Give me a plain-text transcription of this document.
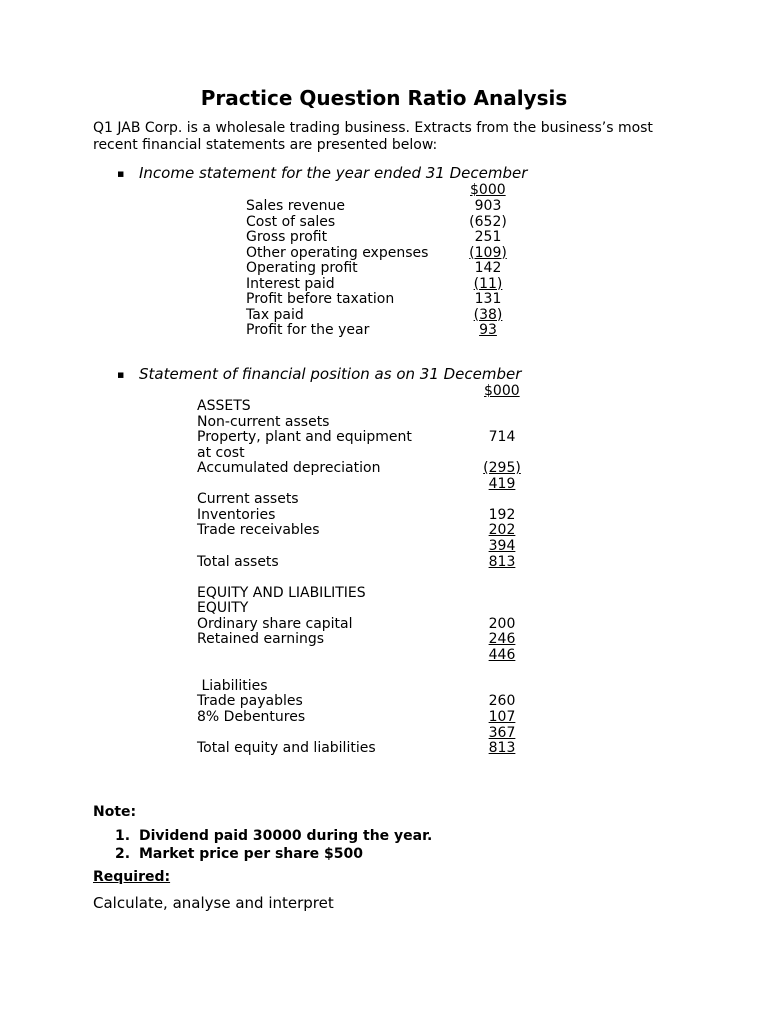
Practice Question Ratio Analysis
Q1 JAB Corp. is a wholesale trading business. Extracts from the business’s most recent financial statements are presented below:
▪ Income statement for the year ended 31 December
$000
Sales revenue	903
Cost of sales	(652)
Gross profit	251
Other operating expenses	(109)
Operating profit	142
Interest paid	(11)
Profit before taxation	131
Tax paid	(38)
Profit for the year	93
▪ Statement of financial position as on 31 December
$000
ASSETS
Non-current assets
Property, plant and equipment	714
at cost
Accumulated depreciation	(295)
419
Current assets
Inventories	192
Trade receivables	202
394
Total assets	813
EQUITY AND LIABILITIES
EQUITY
Ordinary share capital	200
Retained earnings	246
446
Liabilities
Trade payables	260
8% Debentures	107
367
Total equity and liabilities	813
Note:
1. Dividend paid 30000 during the year.
2. Market price per share $500
Required:
Calculate, analyse and interpret
